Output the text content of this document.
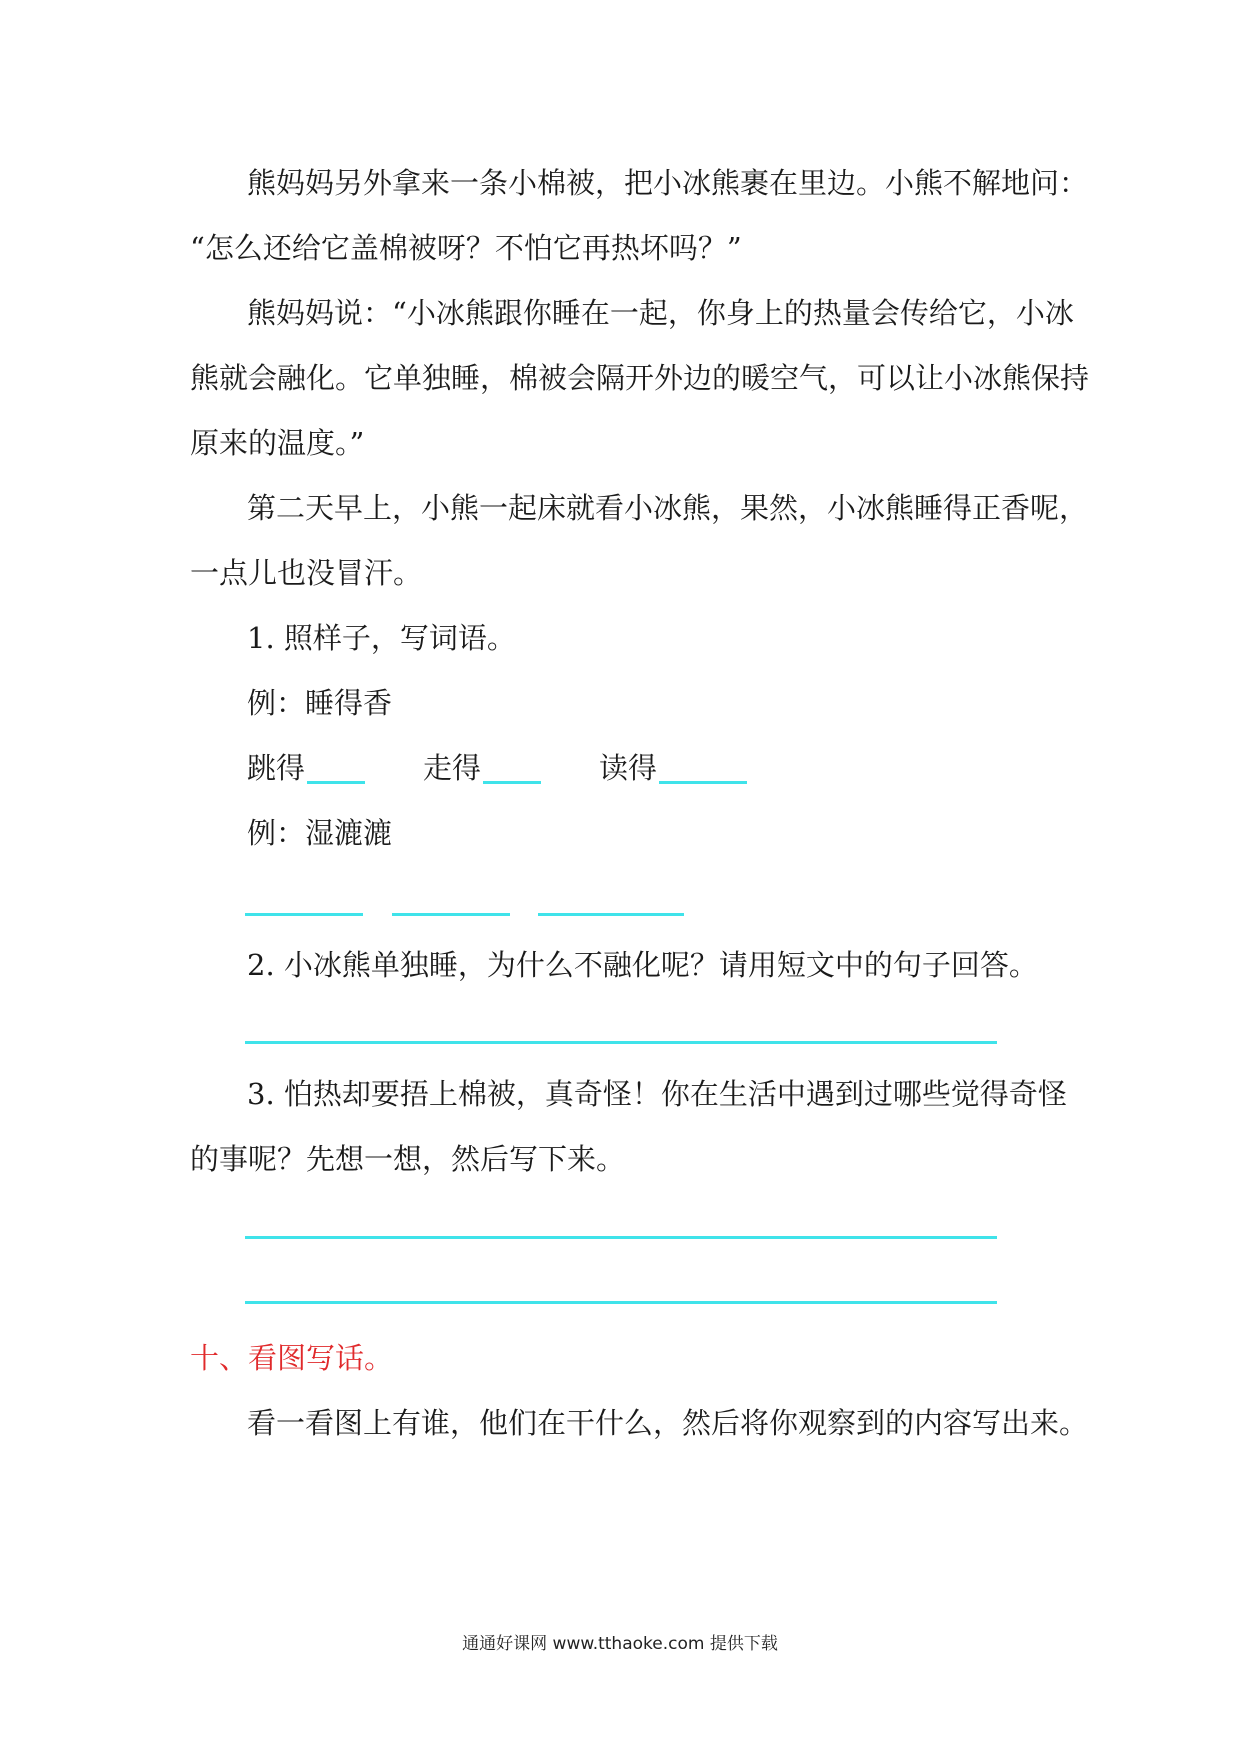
熊妈妈另外拿来一条小棉被，把小冰熊裹在里边。小熊不解地问：
“怎么还给它盖棉被呀？不怕它再热坏吗？”
熊妈妈说：“小冰熊跟你睡在一起，你身上的热量会传给它，小冰
熊就会融化。它单独睡，棉被会隔开外边的暖空气，可以让小冰熊保持
原来的温度。”
第二天早上，小熊一起床就看小冰熊，果然，小冰熊睡得正香呢，
一点儿也没冒汗。
1. 照样子，写词语。
例：睡得香
跳得	走得	读得
例：湿漉漉
2. 小冰熊单独睡，为什么不融化呢？请用短文中的句子回答。
3. 怕热却要捂上棉被，真奇怪！你在生活中遇到过哪些觉得奇怪
的事呢？先想一想，然后写下来。
十、看图写话。
看一看图上有谁，他们在干什么，然后将你观察到的内容写出来。
通通好课网 www.tthaoke.com 提供下载
